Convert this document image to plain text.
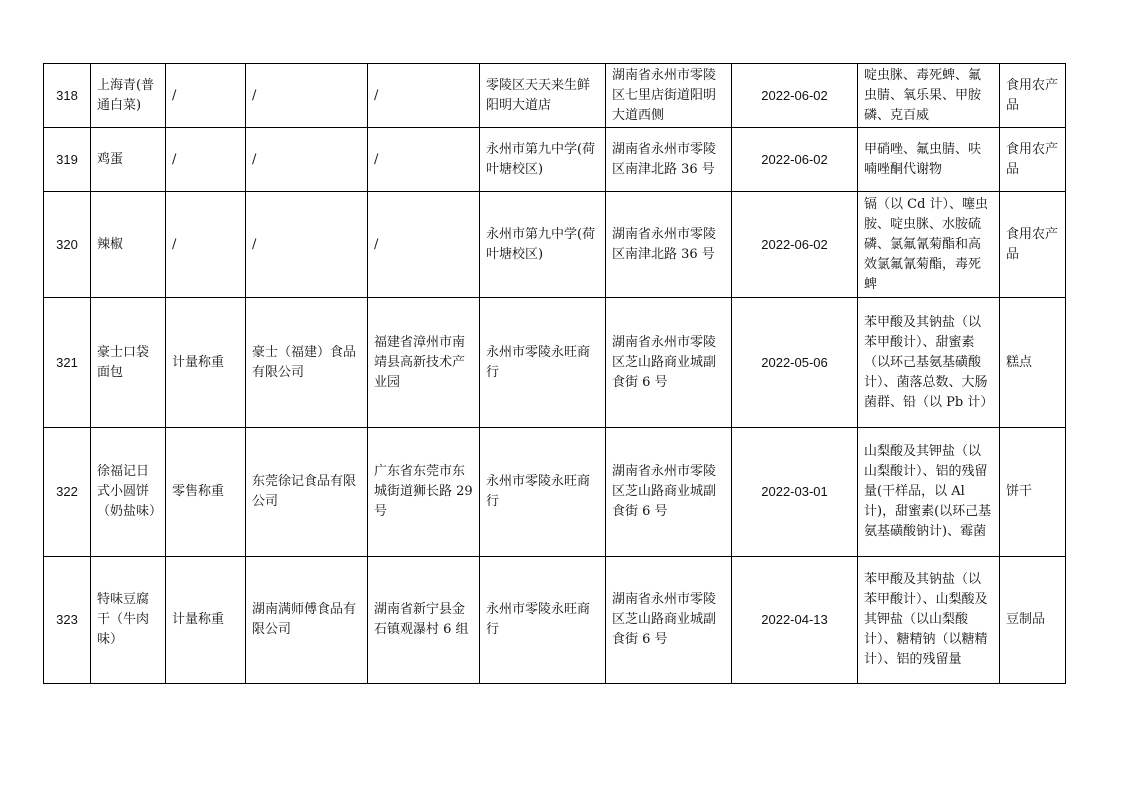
318	上海青(普通白菜)	/	/	/	零陵区天天来生鲜阳明大道店	湖南省永州市零陵区七里店街道阳明大道西侧	2022-06-02	啶虫脒、毒死蜱、氟虫腈、氧乐果、甲胺磷、克百威	食用农产品
319	鸡蛋	/	/	/	永州市第九中学(荷叶塘校区)	湖南省永州市零陵区南津北路 36 号	2022-06-02	甲硝唑、氟虫腈、呋喃唑酮代谢物	食用农产品
320	辣椒	/	/	/	永州市第九中学(荷叶塘校区)	湖南省永州市零陵区南津北路 36 号	2022-06-02	镉（以 Cd 计）、噻虫胺、啶虫脒、水胺硫磷、氯氟氰菊酯和高效氯氟氰菊酯，毒死蜱	食用农产品
321	豪士口袋面包	计量称重	豪士（福建）食品有限公司	福建省漳州市南靖县高新技术产业园	永州市零陵永旺商行	湖南省永州市零陵区芝山路商业城副食街 6 号	2022-05-06	苯甲酸及其钠盐（以苯甲酸计）、甜蜜素（以环己基氨基磺酸计）、菌落总数、大肠菌群、铅（以 Pb 计）	糕点
322	徐福记日式小圆饼（奶盐味）	零售称重	东莞徐记食品有限公司	广东省东莞市东城街道狮长路 29 号	永州市零陵永旺商行	湖南省永州市零陵区芝山路商业城副食街 6 号	2022-03-01	山梨酸及其钾盐（以山梨酸计）、铝的残留量(干样品，以 Al 计)，甜蜜素(以环己基氨基磺酸钠计)、霉菌	饼干
323	特味豆腐干（牛肉味）	计量称重	湖南满师傅食品有限公司	湖南省新宁县金石镇观瀑村 6 组	永州市零陵永旺商行	湖南省永州市零陵区芝山路商业城副食街 6 号	2022-04-13	苯甲酸及其钠盐（以苯甲酸计）、山梨酸及其钾盐（以山梨酸计）、糖精钠（以糖精计）、铝的残留量	豆制品
